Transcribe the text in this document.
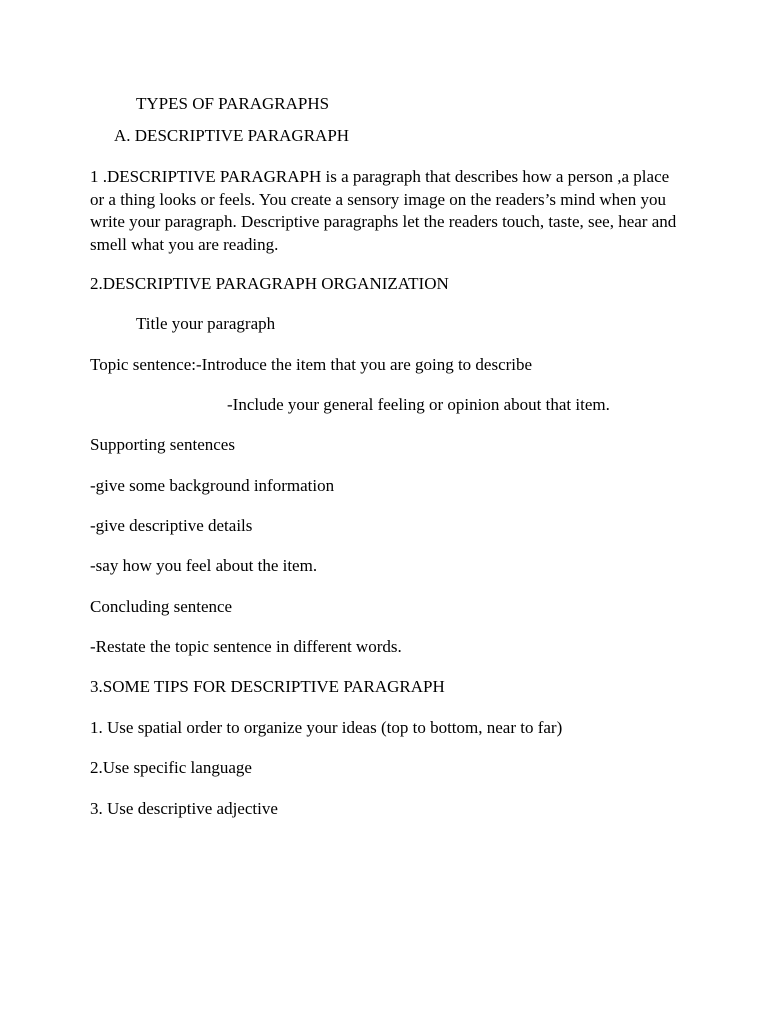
TYPES OF PARAGRAPHS
A. DESCRIPTIVE PARAGRAPH
1 .DESCRIPTIVE PARAGRAPH is a paragraph that describes how a person ,a place
or a thing looks or feels. You create a sensory image on the readers’s mind when you
write your paragraph. Descriptive paragraphs let the readers touch, taste, see, hear and
smell what you are reading.
2.DESCRIPTIVE PARAGRAPH ORGANIZATION
Title your paragraph
Topic sentence:-Introduce the item that you are going to describe
-Include your general feeling or opinion about that item.
Supporting sentences
-give some background information
-give descriptive details
-say how you feel about the item.
Concluding sentence
-Restate the topic sentence in different words.
3.SOME TIPS FOR DESCRIPTIVE PARAGRAPH
1. Use spatial order to organize your ideas (top to bottom, near to far)
2.Use specific language
3. Use descriptive adjective
